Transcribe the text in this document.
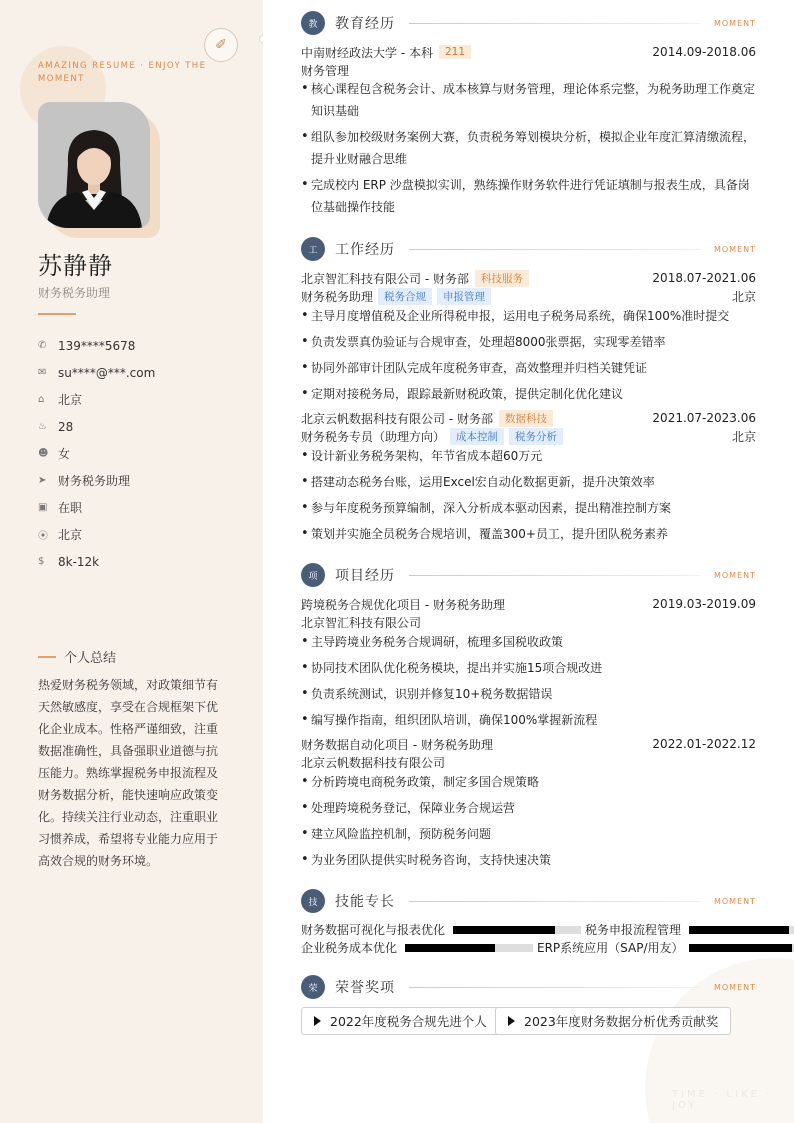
✐
AMAZING RESUME · ENJOY THE MOMENT
苏静静
财务税务助理
✆ 139****5678
✉ su****@***.com
⌂	北京
♨ 28
☻ 女
➤ 财务税务助理
▣ 在职
⦿ 北京
$	8k-12k
个人总结
热爱财务税务领域，对政策细节有天然敏感度，享受在合规框架下优化企业成本。性格严谨细致，注重数据准确性，具备强职业道德与抗压能力。熟练掌握税务申报流程及财务数据分析，能快速响应政策变化。持续关注行业动态，注重职业习惯养成，希望将专业能力应用于高效合规的财务环境。
TIME · LIKE · JOY
教	教育经历	MOMENT
中南财经政法大学 - 本科	211	2014.09-2018.06
财务管理
• 核心课程包含税务会计、成本核算与财务管理，理论体系完整，为税务助理工作奠定知识基础
• 组队参加校级财务案例大赛，负责税务筹划模块分析，模拟企业年度汇算清缴流程，提升业财融合思维
• 完成校内 ERP 沙盘模拟实训，熟练操作财务软件进行凭证填制与报表生成，具备岗位基础操作技能
工	工作经历	MOMENT
北京智汇科技有限公司 - 财务部	科技服务	2018.07-2021.06
财务税务助理	税务合规	申报管理	北京
• 主导月度增值税及企业所得税申报，运用电子税务局系统，确保100%准时提交
• 负责发票真伪验证与合规审查，处理超8000张票据，实现零差错率
• 协同外部审计团队完成年度税务审查，高效整理并归档关键凭证
• 定期对接税务局，跟踪最新财税政策，提供定制化优化建议
北京云帆数据科技有限公司 - 财务部	数据科技	2021.07-2023.06
财务税务专员（助理方向）	成本控制	税务分析	北京
• 设计新业务税务架构，年节省成本超60万元
• 搭建动态税务台账，运用Excel宏自动化数据更新，提升决策效率
• 参与年度税务预算编制，深入分析成本驱动因素，提出精准控制方案
• 策划并实施全员税务合规培训，覆盖300+员工，提升团队税务素养
项	项目经历	MOMENT
跨境税务合规优化项目 - 财务税务助理	2019.03-2019.09
北京智汇科技有限公司
• 主导跨境业务税务合规调研，梳理多国税收政策
• 协同技术团队优化税务模块，提出并实施15项合规改进
• 负责系统测试，识别并修复10+税务数据错误
• 编写操作指南，组织团队培训，确保100%掌握新流程
财务数据自动化项目 - 财务税务助理	2022.01-2022.12
北京云帆数据科技有限公司
• 分析跨境电商税务政策，制定多国合规策略
• 处理跨境税务登记，保障业务合规运营
• 建立风险监控机制，预防税务问题
• 为业务团队提供实时税务咨询，支持快速决策
技	技能专长	MOMENT
财务数据可视化与报表优化	税务申报流程管理
企业税务成本优化	ERP系统应用（SAP/用友）
荣	荣誉奖项	MOMENT
2022年度税务合规先进个人	2023年度财务数据分析优秀贡献奖
